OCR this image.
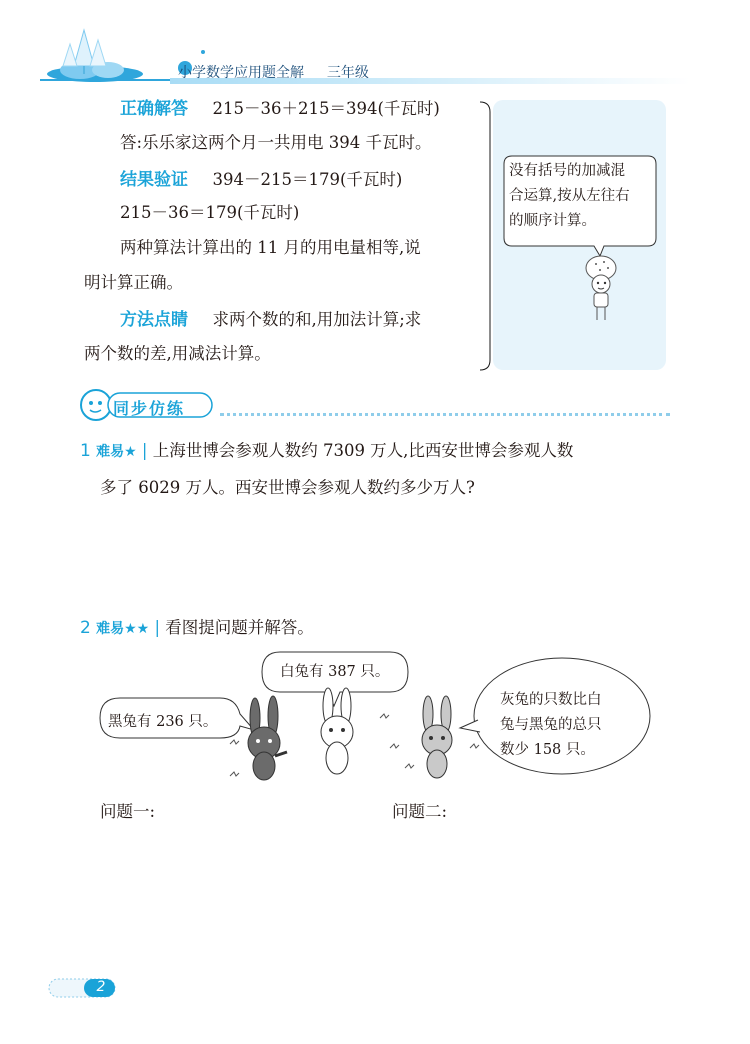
小学数学应用题全解 三年级
正确解答 215－36＋215＝394(千瓦时)
答:乐乐家这两个月一共用电 394 千瓦时。
结果验证 394－215＝179(千瓦时)
215－36＝179(千瓦时)
两种算法计算出的 11 月的用电量相等,说
明计算正确。
方法点睛 求两个数的和,用加法计算;求
两个数的差,用减法计算。
没有括号的加减混
合运算,按从左往右
的顺序计算。
同步仿练
1 难易★ | 上海世博会参观人数约 7309 万人,比西安世博会参观人数
多了 6029 万人。西安世博会参观人数约多少万人?
2 难易★★ | 看图提问题并解答。
黑兔有 236 只。
白兔有 387 只。
灰兔的只数比白
兔与黑兔的总只
数少 158 只。
问题一:	问题二:
2
